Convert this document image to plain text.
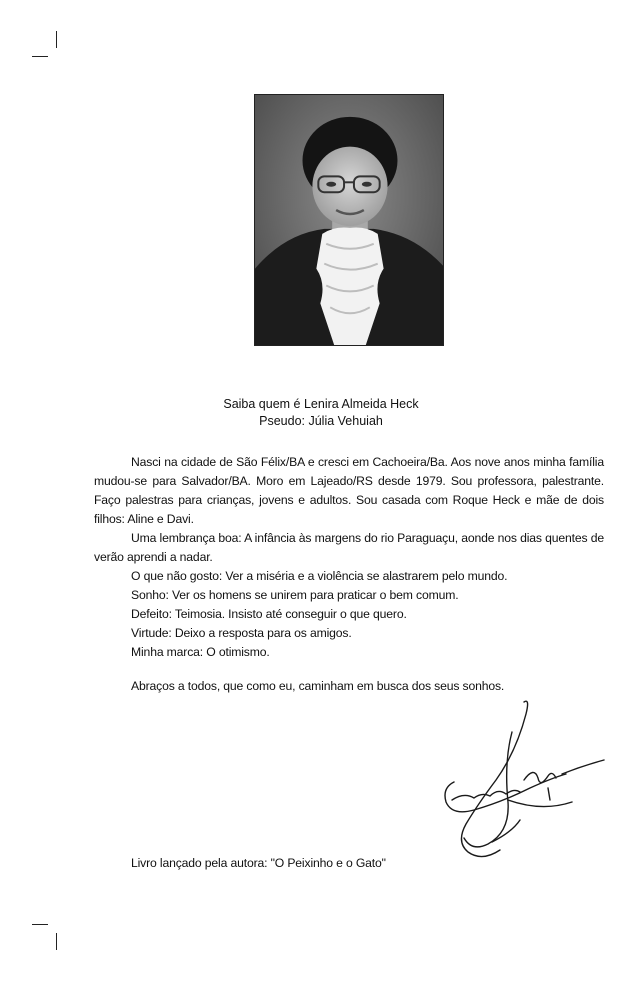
Saiba quem é Lenira Almeida Heck
Pseudo: Júlia Vehuiah

Nasci na cidade de São Félix/BA e cresci em Cachoeira/Ba. Aos nove anos minha família mudou-se para Salvador/BA. Moro em Lajeado/RS desde 1979. Sou professora, palestrante. Faço palestras para crianças, jovens e adultos. Sou casada com Roque Heck e mãe de dois filhos: Aline e Davi.

Uma lembrança boa: A infância às margens do rio Paraguaçu, aonde nos dias quentes de verão aprendi a nadar.

O que não gosto: Ver a miséria e a violência se alastrarem pelo mundo.

Sonho: Ver os homens se unirem para praticar o bem comum.

Defeito: Teimosia. Insisto até conseguir o que quero.

Virtude: Deixo a resposta para os amigos.

Minha marca: O otimismo.

Abraços a todos, que como eu, caminham em busca dos seus sonhos.
Livro lançado pela autora: "O Peixinho e o Gato"
